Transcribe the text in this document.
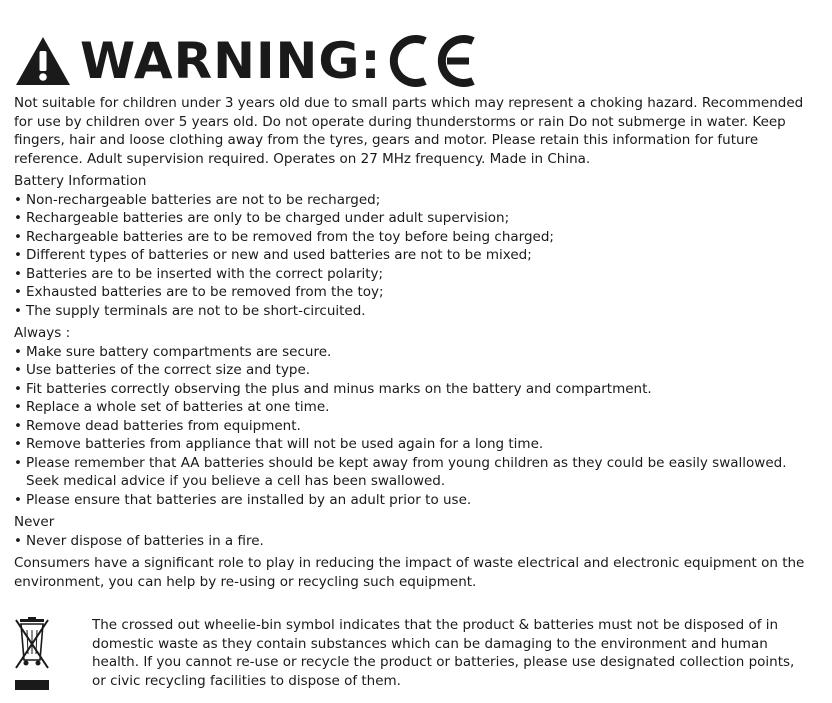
WARNING:

Not suitable for children under 3 years old due to small parts which may represent a choking hazard. Recommended for use by children over 5 years old. Do not operate during thunderstorms or rain Do not submerge in water. Keep fingers, hair and loose clothing away from the tyres, gears and motor. Please retain this information for future reference. Adult supervision required. Operates on 27 MHz frequency. Made in China.

Battery Information

• Non-rechargeable batteries are not to be recharged;
• Rechargeable batteries are only to be charged under adult supervision;
• Rechargeable batteries are to be removed from the toy before being charged;
• Different types of batteries or new and used batteries are not to be mixed;
• Batteries are to be inserted with the correct polarity;
• Exhausted batteries are to be removed from the toy;
• The supply terminals are not to be short-circuited.

Always :

• Make sure battery compartments are secure.
• Use batteries of the correct size and type.
• Fit batteries correctly observing the plus and minus marks on the battery and compartment.
• Replace a whole set of batteries at one time.
• Remove dead batteries from equipment.
• Remove batteries from appliance that will not be used again for a long time.
• Please remember that AA batteries should be kept away from young children as they could be easily swallowed. Seek medical advice if you believe a cell has been swallowed.
• Please ensure that batteries are installed by an adult prior to use.

Never

• Never dispose of batteries in a fire.

Consumers have a significant role to play in reducing the impact of waste electrical and electronic equipment on the environment, you can help by re-using or recycling such equipment.

The crossed out wheelie-bin symbol indicates that the product & batteries must not be disposed of in domestic waste as they contain substances which can be damaging to the environment and human health. If you cannot re-use or recycle the product or batteries, please use designated collection points, or civic recycling facilities to dispose of them.
